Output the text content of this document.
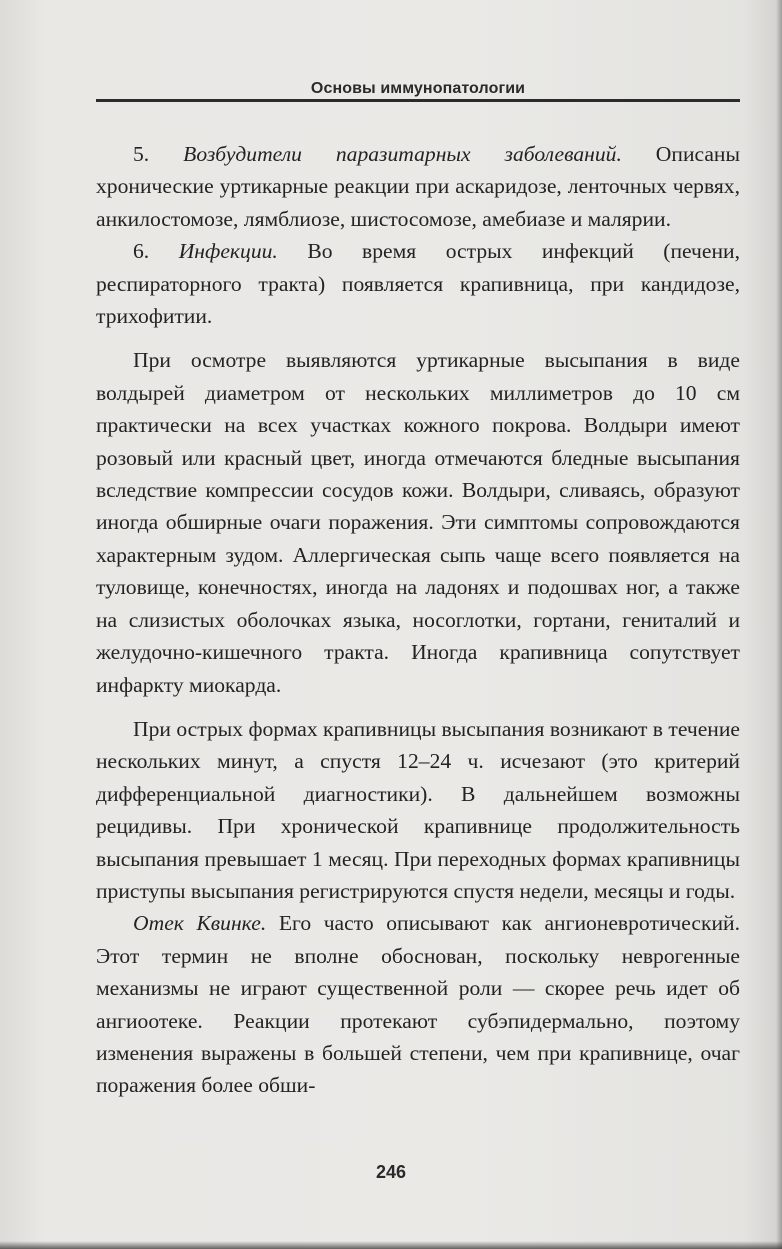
Основы иммунопатологии

5. Возбудители паразитарных заболеваний. Описаны хронические уртикарные реакции при аскаридозе, ленточных червях, анкилостомозе, лямблиозе, шистосомозе, амебиазе и малярии.

6. Инфекции. Во время острых инфекций (печени, респираторного тракта) появляется крапивница, при кандидозе, трихофитии.

При осмотре выявляются уртикарные высыпания в виде волдырей диаметром от нескольких миллиметров до 10 см практически на всех участках кожного покрова. Волдыри имеют розовый или красный цвет, иногда отмечаются бледные высыпания вследствие компрессии сосудов кожи. Волдыри, сливаясь, образуют иногда обширные очаги поражения. Эти симптомы сопровождаются характерным зудом. Аллергическая сыпь чаще всего появляется на туловище, конечностях, иногда на ладонях и подошвах ног, а также на слизистых оболочках языка, носоглотки, гортани, гениталий и желудочно-кишечного тракта. Иногда крапивница сопутствует инфаркту миокарда.

При острых формах крапивницы высыпания возникают в течение нескольких минут, а спустя 12–24 ч. исчезают (это критерий дифференциальной диагностики). В дальнейшем возможны рецидивы. При хронической крапивнице продолжительность высыпания превышает 1 месяц. При переходных формах крапивницы приступы высыпания регистрируются спустя недели, месяцы и годы.

Отек Квинке. Его часто описывают как ангионевротический. Этот термин не вполне обоснован, поскольку неврогенные механизмы не играют существенной роли — скорее речь идет об ангиоотеке. Реакции протекают субэпидермально, поэтому изменения выражены в большей степени, чем при крапивнице, очаг поражения более обши-

246
